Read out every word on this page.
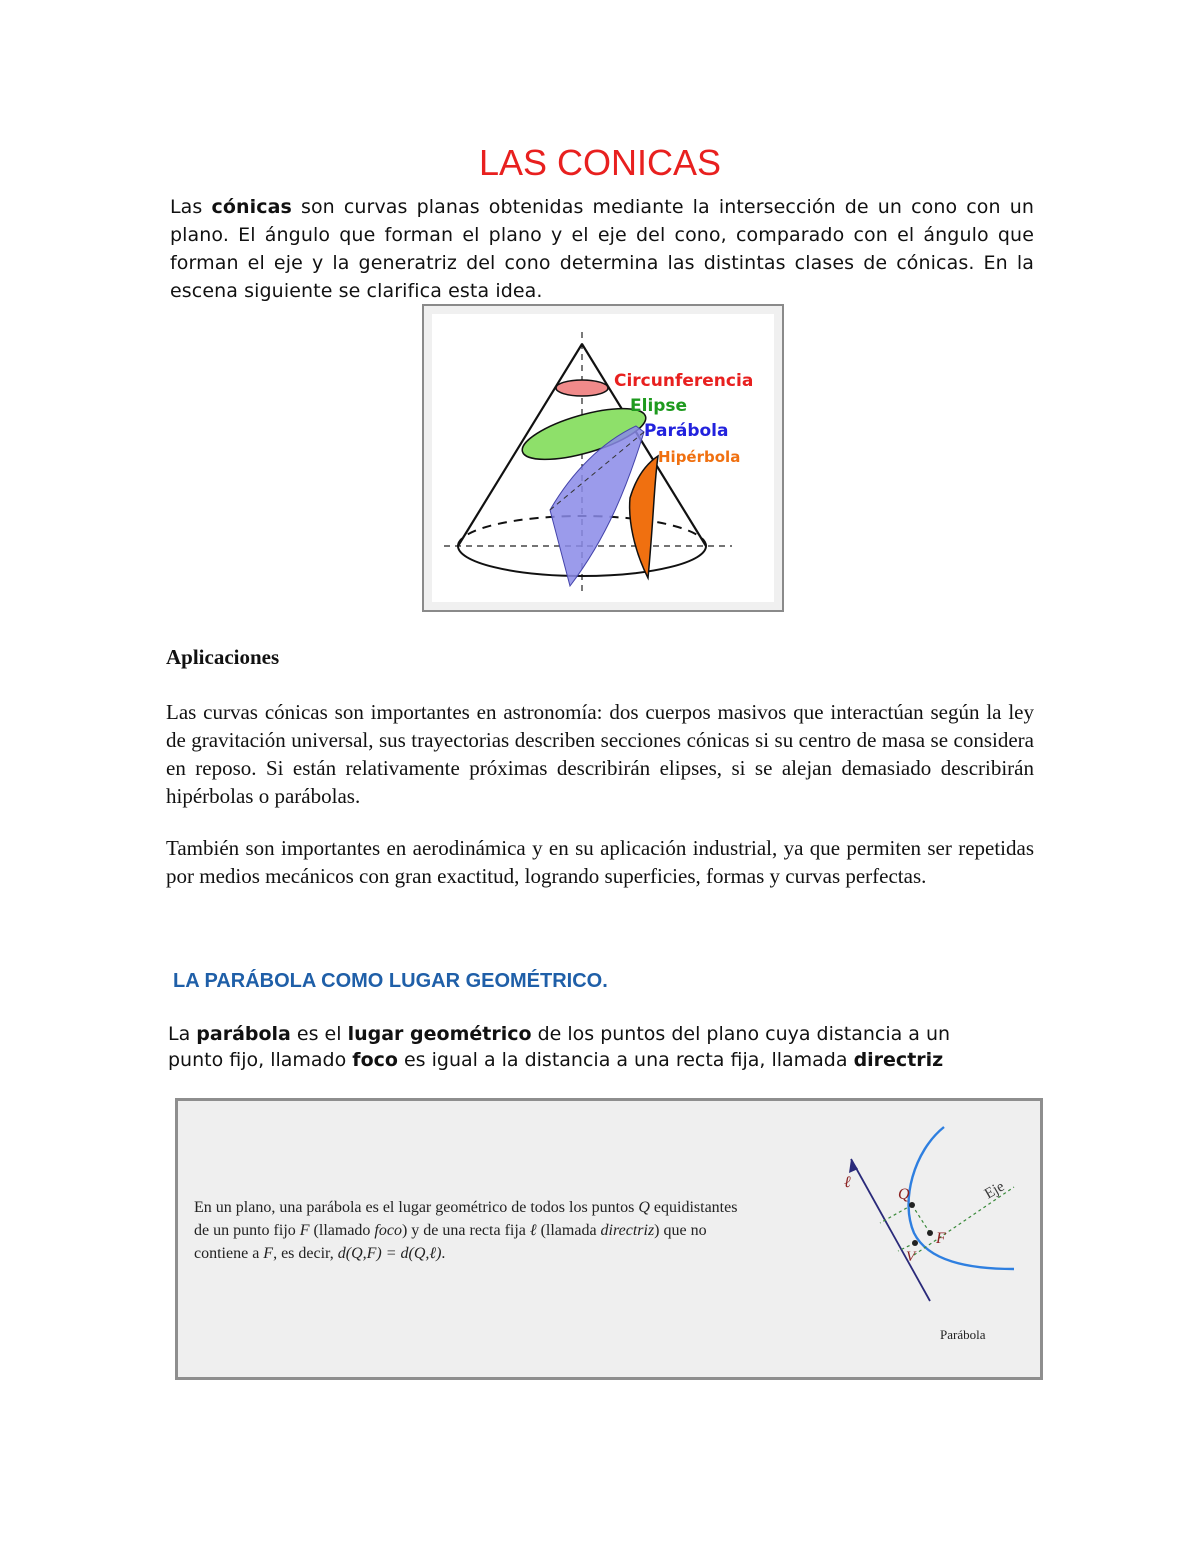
LAS CONICAS
Las cónicas son curvas planas obtenidas mediante la intersección de un cono con un plano. El ángulo que forman el plano y el eje del cono, comparado con el ángulo que forman el eje y la generatriz del cono determina las distintas clases de cónicas. En la escena siguiente se clarifica esta idea.
Circunferencia
Elipse
Parábola
Hipérbola
Aplicaciones
Las curvas cónicas son importantes en astronomía: dos cuerpos masivos que interactúan según la ley de gravitación universal, sus trayectorias describen secciones cónicas si su centro de masa se considera en reposo. Si están relativamente próximas describirán elipses, si se alejan demasiado describirán hipérbolas o parábolas.
También son importantes en aerodinámica y en su aplicación industrial, ya que permiten ser repetidas por medios mecánicos con gran exactitud, logrando superficies, formas y curvas perfectas.
LA PARÁBOLA COMO LUGAR GEOMÉTRICO.
La parábola es el lugar geométrico de los puntos del plano cuya distancia a un punto fijo, llamado foco es igual a la distancia a una recta fija, llamada directriz
En un plano, una parábola es el lugar geométrico de todos los puntos Q equidistantes de un punto fijo F (llamado foco) y de una recta fija ℓ (llamada directriz) que no contiene a F, es decir, d(Q,F) = d(Q,ℓ).
ℓ
Q
F
V
Eje
Parábola
